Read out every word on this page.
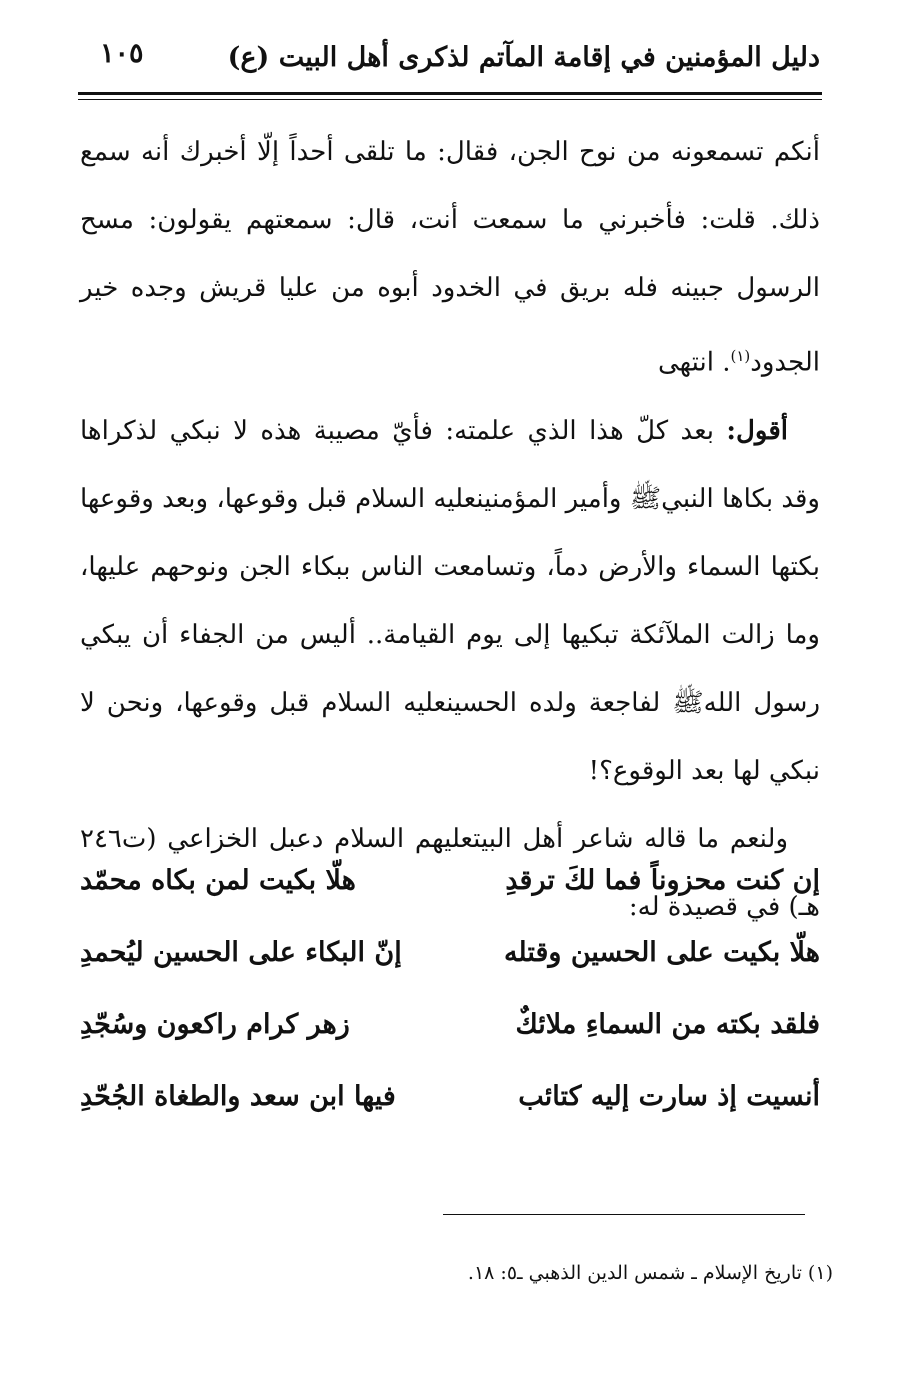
دليل المؤمنين في إقامة المآتم لذكرى أهل البيت (ع)
١٠٥

أنكم تسمعونه من نوح الجن، فقال: ما تلقى أحداً إلّا أخبرك أنه سمع ذلك. قلت: فأخبرني ما سمعت أنت، قال: سمعتهم يقولون: مسح الرسول جبينه فله بريق في الخدود أبوه من عليا قريش وجده خير الجدود$^{(١)}$. انتهى

أقول: بعد كلّ هذا الذي علمته: فأيّ مصيبة هذه لا نبكي لذكراها وقد بكاها النبيﷺ وأمير المؤمنين‪عليه السلام‬ قبل وقوعها، وبعد وقوعها بكتها السماء والأرض دماً، وتسامعت الناس ببكاء الجن ونوحهم عليها، وما زالت الملآئكة تبكيها إلى يوم القيامة.. أليس من الجفاء أن يبكي رسول اللهﷺ لفاجعة ولده الحسين‪عليه السلام‬ قبل وقوعها، ونحن لا نبكي لها بعد الوقوع؟!

ولنعم ما قاله شاعر أهل البيت‪عليهم السلام‬ دعبل الخزاعي (ت٢٤٦ هـ) في قصيدة له:

إن كنت محزوناً فما لكَ ترقدِ
هلّا بكيت لمن بكاه محمّد
هلّا بكيت على الحسين وقتله
إنّ البكاء على الحسين ليُحمدِ
فلقد بكته من السماءِ ملائكٌ
زهر كرام راكعون وسُجّدِ
أنسيت إذ سارت إليه كتائب
فيها ابن سعد والطغاة الجُحّدِ
(١) تاريخ الإسلام ـ شمس الدين الذهبي ـ٥: ١٨.
